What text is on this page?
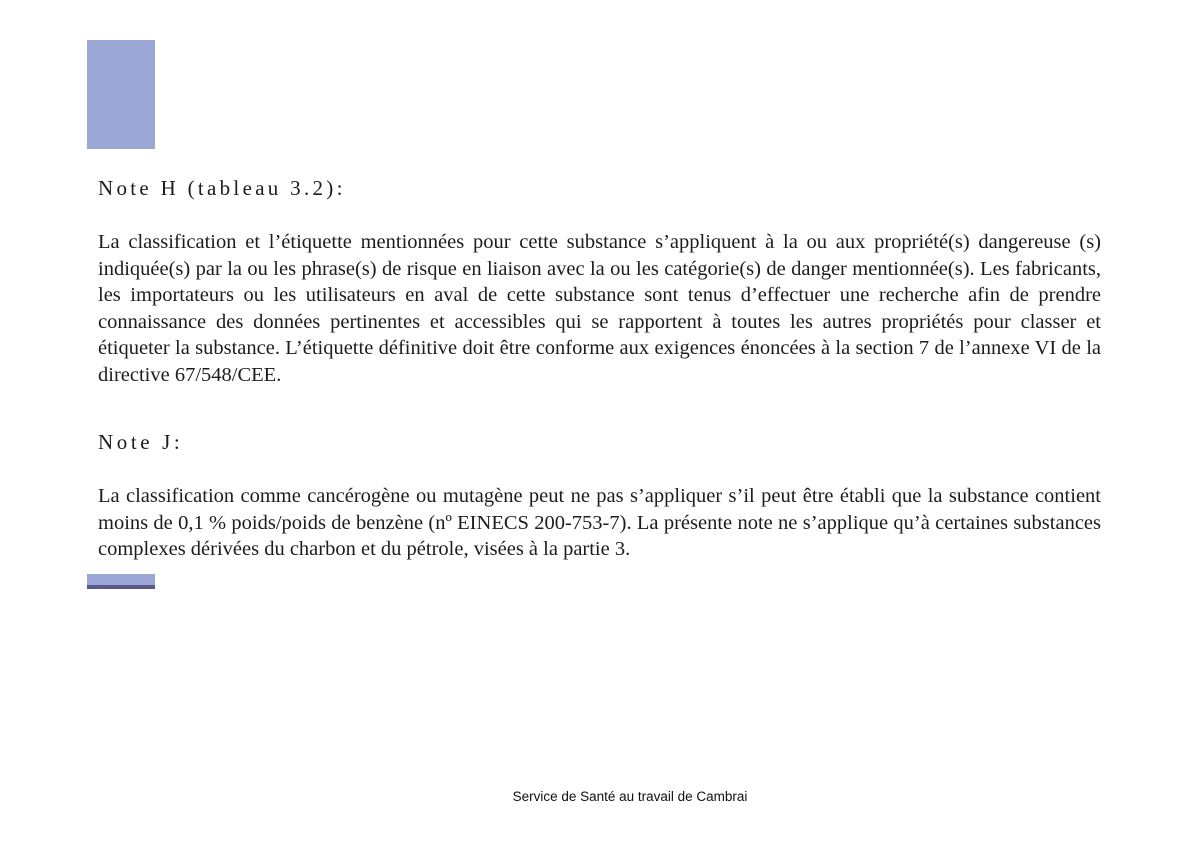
Note H (tableau 3.2):

La classification et l’étiquette mentionnées pour cette substance s’appliquent à la ou aux propriété(s) dangereuse (s) indiquée(s) par la ou les phrase(s) de risque en liaison avec la ou les catégorie(s) de danger mentionnée(s). Les fabricants, les importateurs ou les utilisateurs en aval de cette substance sont tenus d’effectuer une recherche afin de prendre connaissance des données pertinentes et accessibles qui se rapportent à toutes les autres propriétés pour classer et étiqueter la substance. L’étiquette définitive doit être conforme aux exigences énoncées à la section 7 de l’annexe VI de la directive 67/548/CEE.

Note J:

La classification comme cancérogène ou mutagène peut ne pas s’appliquer s’il peut être établi que la substance contient moins de 0,1 % poids/poids de benzène (nº EINECS 200-753-7). La présente note ne s’applique qu’à certaines substances complexes dérivées du charbon et du pétrole, visées à la partie 3.

Service de Santé au travail de Cambrai
